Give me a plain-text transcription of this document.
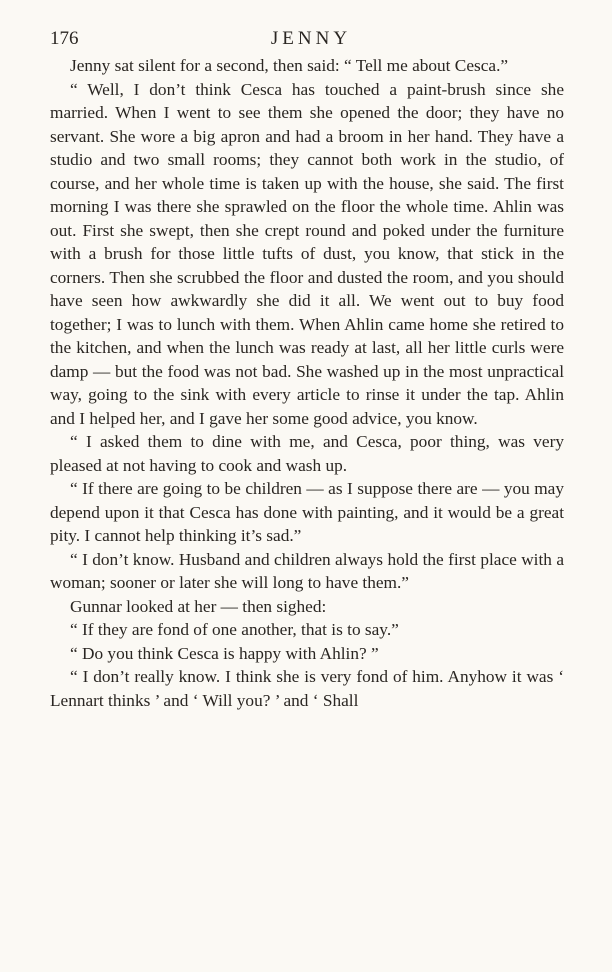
176	JENNY

Jenny sat silent for a second, then said: “ Tell me about Cesca.”

“ Well, I don’t think Cesca has touched a paint-brush since she married. When I went to see them she opened the door; they have no servant. She wore a big apron and had a broom in her hand. They have a studio and two small rooms; they cannot both work in the studio, of course, and her whole time is taken up with the house, she said. The first morning I was there she sprawled on the floor the whole time. Ahlin was out. First she swept, then she crept round and poked under the furniture with a brush for those little tufts of dust, you know, that stick in the corners. Then she scrubbed the floor and dusted the room, and you should have seen how awkwardly she did it all. We went out to buy food together; I was to lunch with them. When Ahlin came home she retired to the kitchen, and when the lunch was ready at last, all her little curls were damp — but the food was not bad. She washed up in the most unpractical way, going to the sink with every article to rinse it under the tap. Ahlin and I helped her, and I gave her some good advice, you know.

“ I asked them to dine with me, and Cesca, poor thing, was very pleased at not having to cook and wash up.

“ If there are going to be children — as I suppose there are — you may depend upon it that Cesca has done with painting, and it would be a great pity. I cannot help thinking it’s sad.”

“ I don’t know. Husband and children always hold the first place with a woman; sooner or later she will long to have them.”

Gunnar looked at her — then sighed:

“ If they are fond of one another, that is to say.”

“ Do you think Cesca is happy with Ahlin? ”

“ I don’t really know. I think she is very fond of him. Anyhow it was ‘ Lennart thinks ’ and ‘ Will you? ’ and ‘ Shall
